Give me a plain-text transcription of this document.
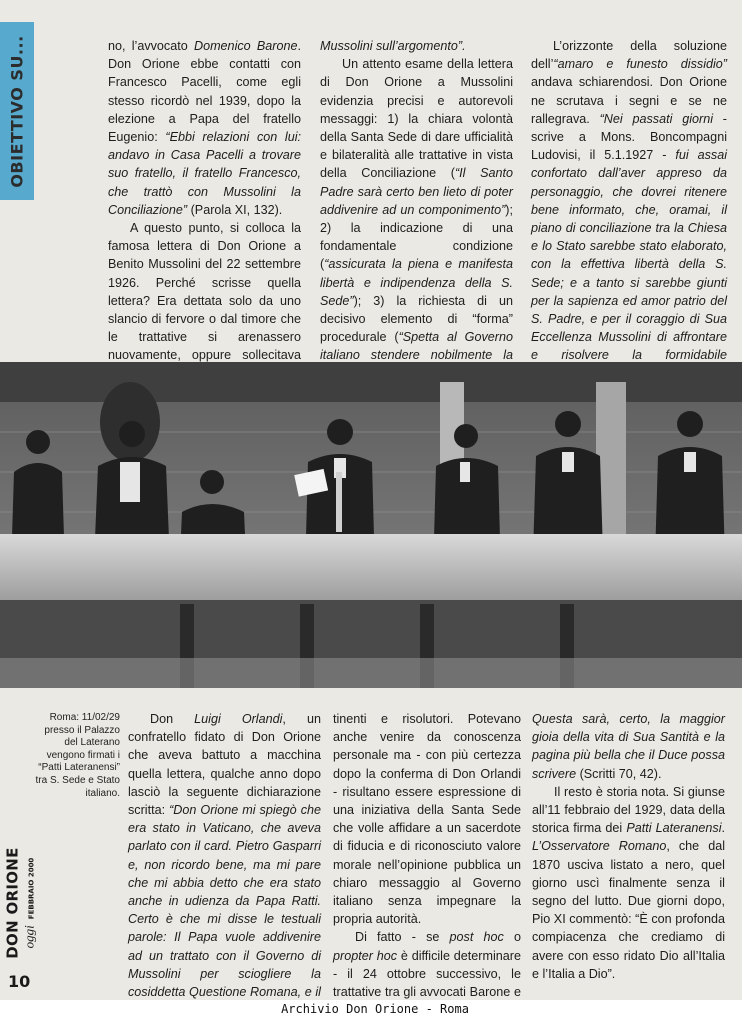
OBIETTIVO SU...	no, l’avvocato Domenico Barone. Don Orione ebbe contatti con Francesco Pacelli, come egli stesso ricordò nel 1939, dopo la elezione a Papa del fratello Eugenio: “Ebbi relazioni con lui: andavo in Casa Pacelli a trovare suo fratello, il fratello Francesco, che trattò con Mussolini la Conciliazione” (Parola XI, 132).

A questo punto, si colloca la famosa lettera di Don Orione a Benito Mussolini del 22 settembre 1926. Perché scrisse quella lettera? Era dettata solo da uno slancio di fervore o dal timore che le trattative si arenassero nuovamente, oppure sollecitava

Mussolini sull’argomento”.

Un attento esame della lettera di Don Orione a Mussolini evidenzia precisi e autorevoli messaggi: 1) la chiara volontà della Santa Sede di dare ufficialità e bilateralità alle trattative in vista della Conciliazione (“Il Santo Padre sarà certo ben lieto di poter addivenire ad un componimento”); 2) la indicazione di una fondamentale condizione (“assicurata la piena e manifesta libertà e indipendenza della S. Sede”); 3) la richiesta di un decisivo elemento di “forma” procedurale (“Spetta al Governo italiano stendere nobilmente la

L’orizzonte della soluzione dell’“amaro e funesto dissidio” andava schiarendosi. Don Orione ne scrutava i segni e se ne rallegrava. “Nei passati giorni - scrive a Mons. Boncompagni Ludovisi, il 5.1.1927 - fui assai confortato dall’aver appreso da personaggio, che dovrei ritenere bene informato, che, oramai, il piano di conciliazione tra la Chiesa e lo Stato sarebbe stato elaborato, con la effettiva libertà della S. Sede; e a tanto si sarebbe giunti per la sapienza ed amor patrio del S. Padre, e per il coraggio di Sua Eccellenza Mussolini di affrontare e risolvere la formidabile

Roma: 11/02/29 presso il Palazzo del Laterano vengono firmati i “Patti Lateranensi” tra S. Sede e Stato italiano.

Don Luigi Orlandi, un confratello fidato di Don Orione che aveva battuto a macchina quella lettera, qualche anno dopo lasciò la seguente dichiarazione scritta: “Don Orione mi spiegò che era stato in Vaticano, che aveva parlato con il card. Pietro Gasparri e, non ricordo bene, ma mi pare che mi abbia detto che era stato anche in udienza da Papa Ratti. Certo è che mi disse le testuali parole: Il Papa vuole addivenire ad un trattato con il Governo di Mussolini per sciogliere la cosiddetta Questione Romana, e il

tinenti e risolutori. Potevano anche venire da conoscenza personale ma - con più certezza dopo la conferma di Don Orlandi - risultano essere espressione di una iniziativa della Santa Sede che volle affidare a un sacerdote di fiducia e di riconosciuto valore morale nell’opinione pubblica un chiaro messaggio al Governo italiano senza impegnare la propria autorità.

Di fatto - se post hoc o propter hoc è difficile determinare - il 24 ottobre successivo, le trattative tra gli avvocati Barone e

Questa sarà, certo, la maggior gioia della vita di Sua Santità e la pagina più bella che il Duce possa scrivere (Scritti 70, 42).

Il resto è storia nota. Si giunse all’11 febbraio del 1929, data della storica firma dei Patti Lateranensi. L’Osservatore Romano, che dal 1870 usciva listato a nero, quel giorno uscì finalmente senza il segno del lutto. Due giorni dopo, Pio XI commentò: “È con profonda compiacenza che crediamo di avere con esso ridato Dio all’Italia e l’Italia a Dio”.

DON ORIONE oggi
FEBBRAIO 2000
10
Archivio Don Orione - Roma
